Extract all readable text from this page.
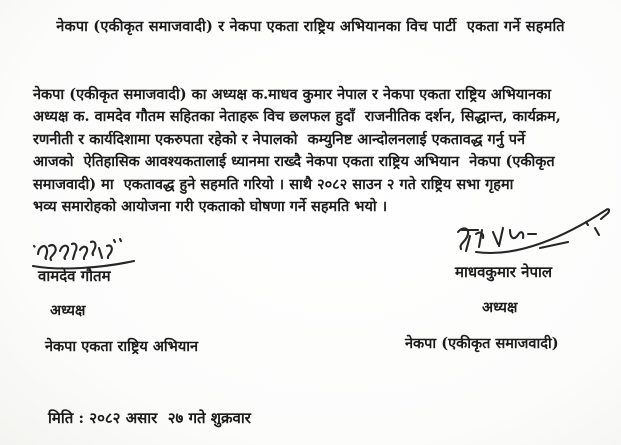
नेकपा (एकीकृत समाजवादी) र नेकपा एकता राष्ट्रिय अभियानका विच पार्टी  एकता गर्ने सहमति
नेकपा (एकीकृत समाजवादी) का अध्यक्ष क.माधव कुमार नेपाल र नेकपा एकता राष्ट्रिय अभियानका
अध्यक्ष क. वामदेव गौतम सहितका नेताहरू विच छलफल हुदाँ  राजनीतिक दर्शन, सिद्धान्त, कार्यक्रम,
रणनीती र कार्यदिशामा एकरुपता रहेको र नेपालको  कम्युनिष्ट आन्दोलनलाई एकतावद्ध गर्नु पर्ने
आजको  ऐतिहासिक आवश्यकतालाई ध्यानमा राख्दै नेकपा एकता राष्ट्रिय अभियान  नेकपा (एकीकृत
समाजवादी) मा  एकतावद्ध हुने सहमति गरियो । साथै २०८२ साउन २ गते राष्ट्रिय सभा गृहमा
भव्य समारोहको आयोजना गरी एकताको घोषणा गर्ने सहमति भयो ।
वामदेव गौतम
अध्यक्ष
नेकपा एकता राष्ट्रिय अभियान
माधवकुमार नेपाल
अध्यक्ष
नेकपा (एकीकृत समाजवादी)
मिति : २०८२ असार  २७ गते शुक्रवार
